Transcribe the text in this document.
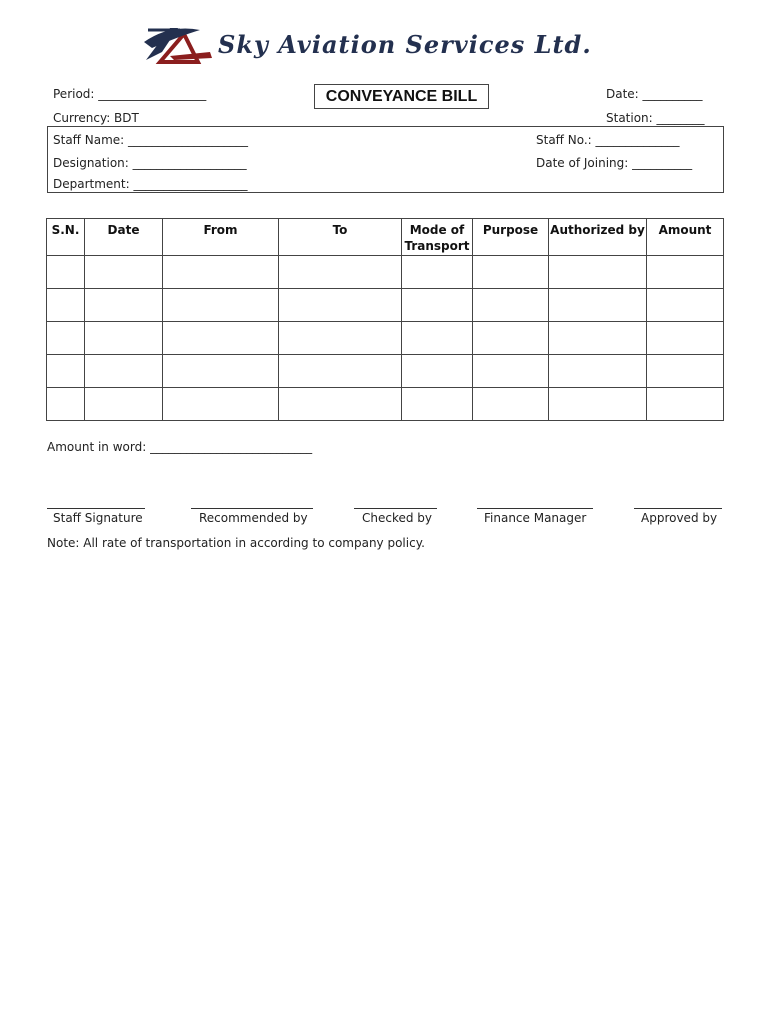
Sky Aviation Services Ltd.
Period: __________________	CONVEYANCE BILL	Date: __________
Currency: BDT	Station: ________
Staff Name: ____________________	Staff No.: ______________
Designation: ___________________	Date of Joining: __________
Department: ___________________
S.N.	Date	From	To	Mode of Transport	Purpose	Authorized by	Amount

Amount in word: ___________________________
Staff Signature	Recommended by	Checked by	Finance Manager	Approved by
Note: All rate of transportation in according to company policy.
